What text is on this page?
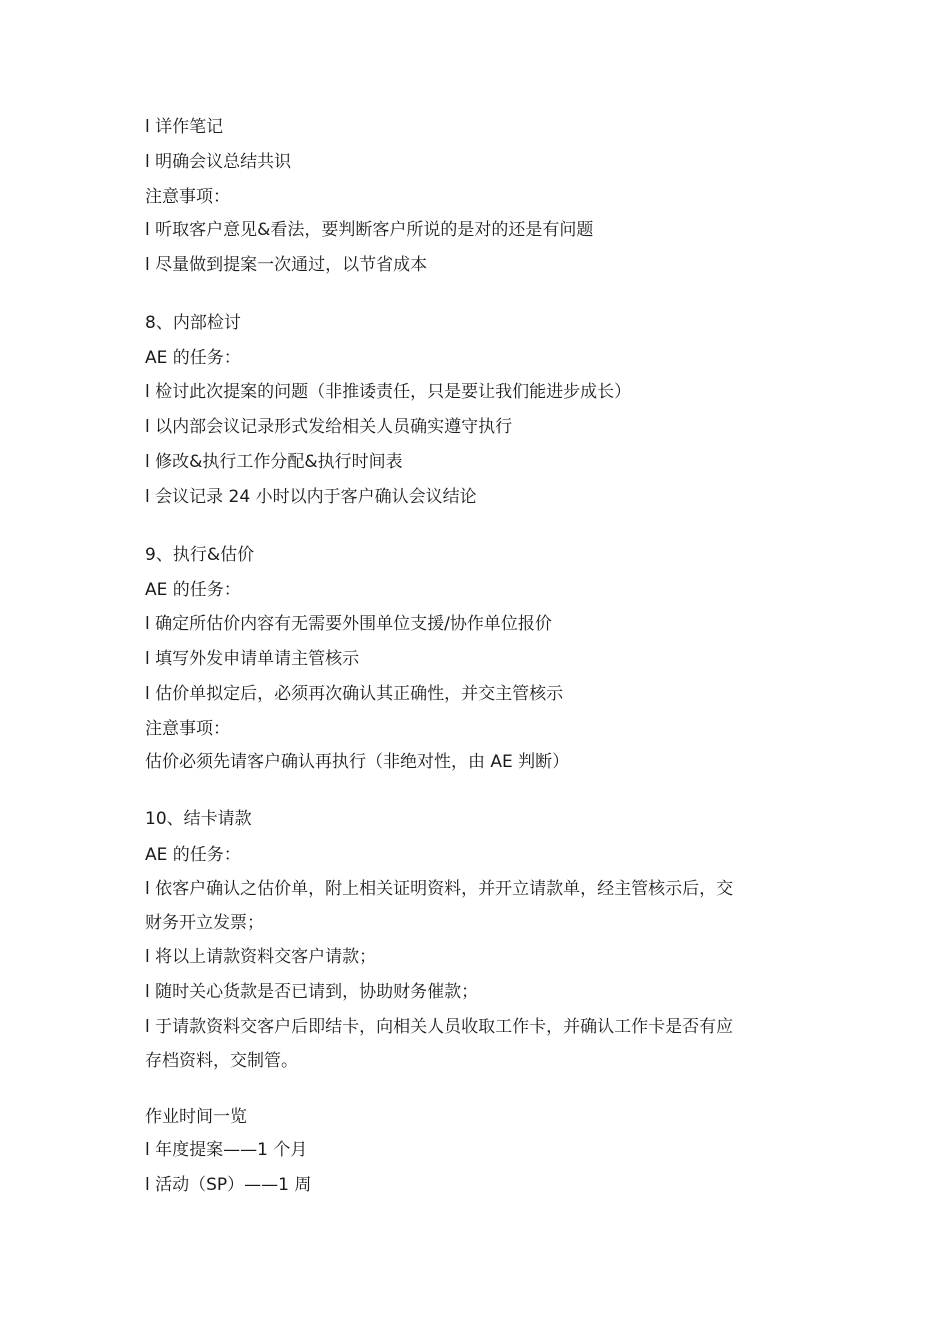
l 详作笔记
l 明确会议总结共识
注意事项：
l 听取客户意见&看法，要判断客户所说的是对的还是有问题
l 尽量做到提案一次通过，以节省成本
8、内部检讨
AE 的任务：
l 检讨此次提案的问题（非推诿责任，只是要让我们能进步成长）
l 以内部会议记录形式发给相关人员确实遵守执行
l 修改&执行工作分配&执行时间表
l 会议记录 24 小时以内于客户确认会议结论
9、执行&估价
AE 的任务：
l 确定所估价内容有无需要外围单位支援/协作单位报价
l 填写外发申请单请主管核示
l 估价单拟定后，必须再次确认其正确性，并交主管核示
注意事项：
估价必须先请客户确认再执行（非绝对性，由 AE 判断）
10、结卡请款
AE 的任务：
l 依客户确认之估价单，附上相关证明资料，并开立请款单，经主管核示后，交
财务开立发票；
l 将以上请款资料交客户请款；
l 随时关心货款是否已请到，协助财务催款；
l 于请款资料交客户后即结卡，向相关人员收取工作卡，并确认工作卡是否有应
存档资料，交制管。
作业时间一览
l 年度提案——1 个月
l 活动（SP）——1 周
